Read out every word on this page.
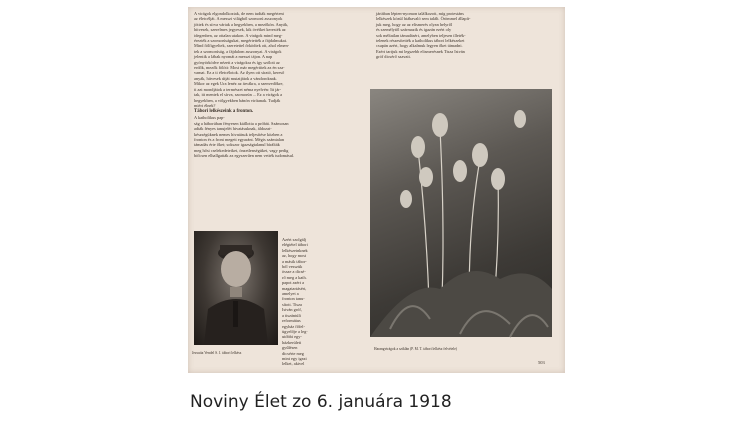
A virágok elgondolkoztak, de nem tudták megérteni
az életcélját. A messzi világból szomorú asszonyok
jöttek és sírva vártak a hegyekben, a mezőkön. Anyák,
hitvesek, szerelmes jegyesek, kik övéiket keresték az
idegenben, az ottalan utakon. A virágok mind meg-
érezték a szomorúságukat, megértették a fájdalmukat.
Mind fölfigyeltek, szeretettel őrködtek ott, ahol elmen-
tek a szomorúság, a fájdalom asszonyai. A virágok
jelentik a lábak nyomát a messzi tájon. A nap
gyönyörködve nézett a virágokra és így szólott az
erdők, mezők fölött: Most már megértitek az én sza-
vamat. Ez a ti életcélotok. Az ilyen ott sírató, kereső
anyák, hitvesek útját mutatjátok a vándoroknak.
Mikor az egek Ura lenéz az árvákra, a szenvedőkre,
ti azt mondjátok a természet néma nyelvén: Itt jár-
tak, itt mentek el sírva, szomorún ... Ez a virágok a
hegyekben, a völgyekben bánón virítanak. Tudják
miért élnek?
Tábori lelkészeink a fronton.
A katholikus pap-
ság a háborúban fényesen kiállotta a próbát. Számosan
adták fényes tanujelét hivatásuknak, áldozat-
készségüknek nemes hivatásuk teljesítése közben a
fronton és a front megett egyaránt. Mégis számtalan
támadás érte őket; sokszor igazságtalanul bírálták
meg hősi cselekedeteiket, önzetlenségüket, vagy pedig
bölcsen elhallgatták az egyszerűen nem vették tudomásul.
Jezsuita Vendel S. J. tábori lelkész
Azért szolgálj
elégtétel tábori
lelkészeinknek
az, hogy most
a másik tábor-
ból vesszük
össze a dicsé-
rő meg a kath.
papot azért a
magatartásért,
amelyet a
fronton tanu-
sított. Tisza
István gróf,
a tiszántúli
református
egyház főfel-
ügyelője a leg-
utóbbi egy-
házkerületi
gyűlésen
dicsérte meg
mint egy igazi
lelket, akivel
jártában lépten-nyomon találkozott, míg protestáns
lelkészek közül hiábavaló sem talált. Örömmel állapít-
juk meg, hogy az az elismerés olyan helyről
és személytől származik és igazán ezért oly
sok méltatlan támadásért, amelyben teljesen illeték-
telenek részesítették a katholikus tábori lelkészeket
csupán azért, hogy alkalmuk legyen őket támadni.
Ezért tartjuk mi legszebb elismerésnek Tisza István
gróf dicsérő szavait.
Harangvirágok a sziklán (P. M. T. tábori lelkész felvétele)
503
Noviny Élet zo 6. januára 1918
